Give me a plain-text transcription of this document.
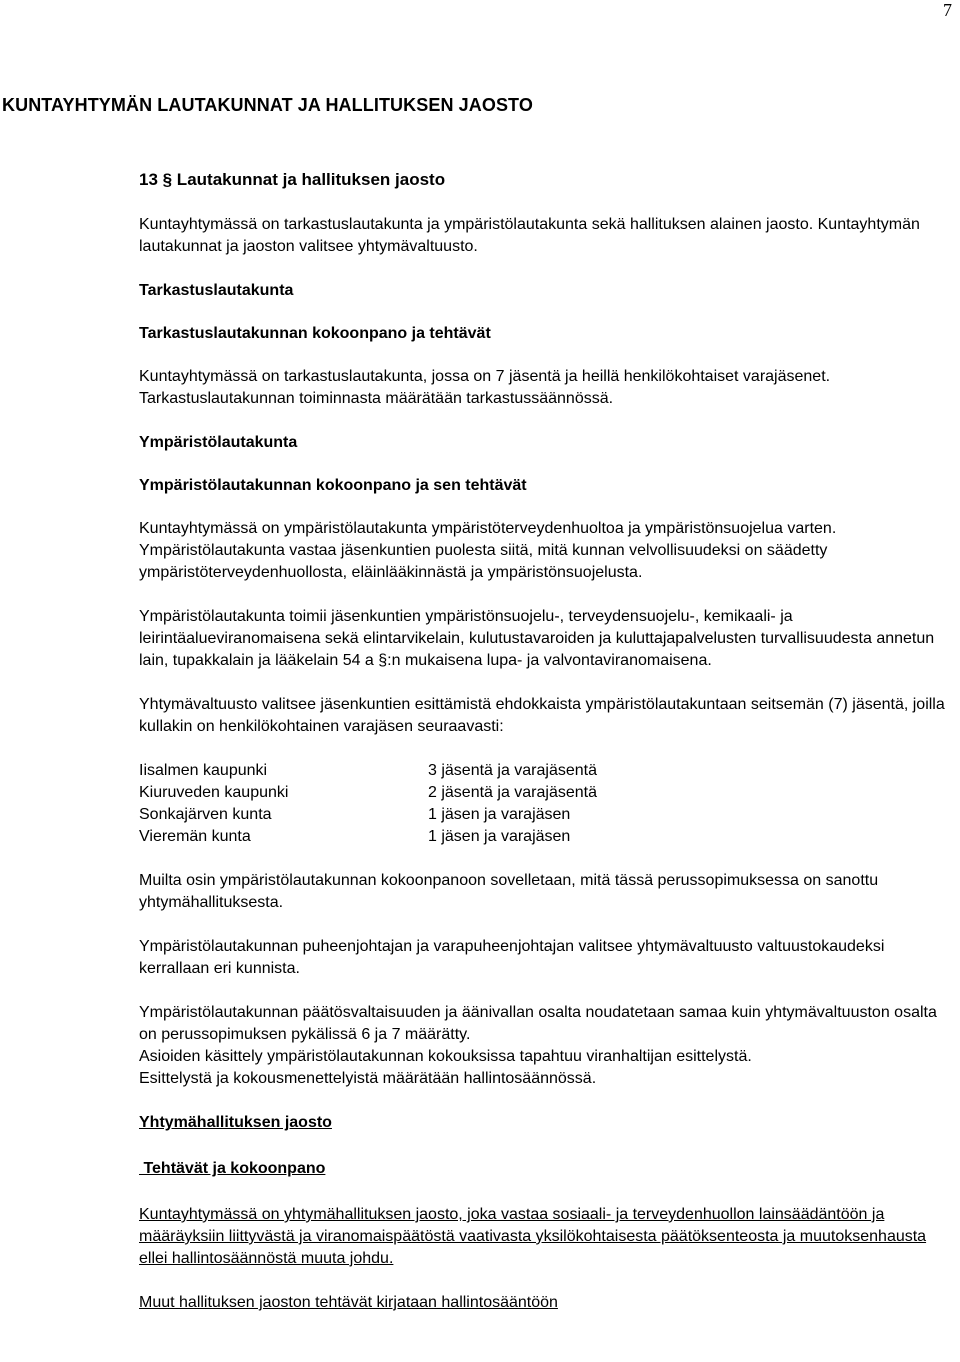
7
KUNTAYHTYMÄN LAUTAKUNNAT JA HALLITUKSEN JAOSTO
13 § Lautakunnat ja hallituksen jaosto

Kuntayhtymässä on tarkastuslautakunta ja ympäristölautakunta sekä hallituksen alainen jaosto. Kuntayhtymän lautakunnat ja jaoston valitsee yhtymävaltuusto.

Tarkastuslautakunta
Tarkastuslautakunnan kokoonpano ja tehtävät

Kuntayhtymässä on tarkastuslautakunta, jossa on 7 jäsentä ja heillä henkilökohtaiset varajäsenet. Tarkastuslautakunnan toiminnasta määrätään tarkastussäännössä.

Ympäristölautakunta
Ympäristölautakunnan kokoonpano ja sen tehtävät

Kuntayhtymässä on ympäristölautakunta ympäristöterveydenhuoltoa ja ympäristönsuojelua varten. Ympäristölautakunta vastaa jäsenkuntien puolesta siitä, mitä kunnan velvollisuudeksi on säädetty ympäristöterveydenhuollosta, eläinlääkinnästä ja ympäristönsuojelusta.

Ympäristölautakunta toimii jäsenkuntien ympäristönsuojelu-, terveydensuojelu-, kemikaali- ja leirintäalueviranomaisena sekä elintarvikelain, kulutustavaroiden ja kuluttajapalvelusten turvallisuudesta annetun lain, tupakkalain ja lääkelain 54 a §:n mukaisena lupa- ja valvontaviranomaisena.

Yhtymävaltuusto valitsee jäsenkuntien esittämistä ehdokkaista ympäristölautakuntaan seitsemän (7) jäsentä, joilla kullakin on henkilökohtainen varajäsen seuraavasti:

Iisalmen kaupunki	3 jäsentä ja varajäsentä
Kiuruveden kaupunki	2 jäsentä ja varajäsentä
Sonkajärven kunta	1 jäsen ja varajäsen
Vieremän kunta	1 jäsen ja varajäsen

Muilta osin ympäristölautakunnan kokoonpanoon sovelletaan, mitä tässä perussopimuksessa on sanottu yhtymähallituksesta.

Ympäristölautakunnan puheenjohtajan ja varapuheenjohtajan valitsee yhtymävaltuusto valtuustokaudeksi kerrallaan eri kunnista.

Ympäristölautakunnan päätösvaltaisuuden ja äänivallan osalta noudatetaan samaa kuin yhtymävaltuuston osalta on perussopimuksen pykälissä 6 ja 7 määrätty.

Asioiden käsittely ympäristölautakunnan kokouksissa tapahtuu viranhaltijan esittelystä.

Esittelystä ja kokousmenettelyistä määrätään hallintosäännössä.

Yhtymähallituksen jaosto
Tehtävät ja kokoonpano

Kuntayhtymässä on yhtymähallituksen jaosto, joka vastaa sosiaali- ja terveydenhuollon lainsäädäntöön ja määräyksiin liittyvästä ja viranomaispäätöstä vaativasta yksilökohtaisesta päätöksenteosta ja muutoksenhausta ellei hallintosäännöstä muuta johdu.

Muut hallituksen jaoston tehtävät kirjataan hallintosääntöön
